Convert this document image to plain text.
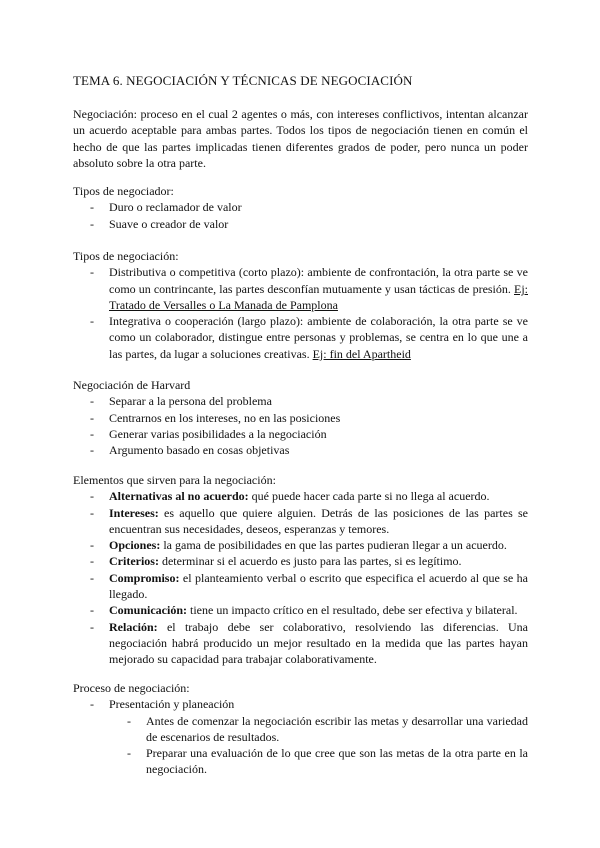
TEMA 6. NEGOCIACIÓN Y TÉCNICAS DE NEGOCIACIÓN
Negociación: proceso en el cual 2 agentes o más, con intereses conflictivos, intentan alcanzar un acuerdo aceptable para ambas partes. Todos los tipos de negociación tienen en común el hecho de que las partes implicadas tienen diferentes grados de poder, pero nunca un poder absoluto sobre la otra parte.
Tipos de negociador:
- Duro o reclamador de valor
- Suave o creador de valor
Tipos de negociación:
- Distributiva o competitiva (corto plazo): ambiente de confrontación, la otra parte se ve como un contrincante, las partes desconfían mutuamente y usan tácticas de presión. Ej: Tratado de Versalles o La Manada de Pamplona
- Integrativa o cooperación (largo plazo): ambiente de colaboración, la otra parte se ve como un colaborador, distingue entre personas y problemas, se centra en lo que une a las partes, da lugar a soluciones creativas. Ej: fin del Apartheid
Negociación de Harvard
- Separar a la persona del problema
- Centrarnos en los intereses, no en las posiciones
- Generar varias posibilidades a la negociación
- Argumento basado en cosas objetivas
Elementos que sirven para la negociación:
- Alternativas al no acuerdo: qué puede hacer cada parte si no llega al acuerdo.
- Intereses: es aquello que quiere alguien. Detrás de las posiciones de las partes se encuentran sus necesidades, deseos, esperanzas y temores.
- Opciones: la gama de posibilidades en que las partes pudieran llegar a un acuerdo.
- Criterios: determinar si el acuerdo es justo para las partes, si es legítimo.
- Compromiso: el planteamiento verbal o escrito que especifica el acuerdo al que se ha llegado.
- Comunicación: tiene un impacto crítico en el resultado, debe ser efectiva y bilateral.
- Relación: el trabajo debe ser colaborativo, resolviendo las diferencias. Una negociación habrá producido un mejor resultado en la medida que las partes hayan mejorado su capacidad para trabajar colaborativamente.
Proceso de negociación:
- Presentación y planeación
- Antes de comenzar la negociación escribir las metas y desarrollar una variedad de escenarios de resultados.
- Preparar una evaluación de lo que cree que son las metas de la otra parte en la negociación.
